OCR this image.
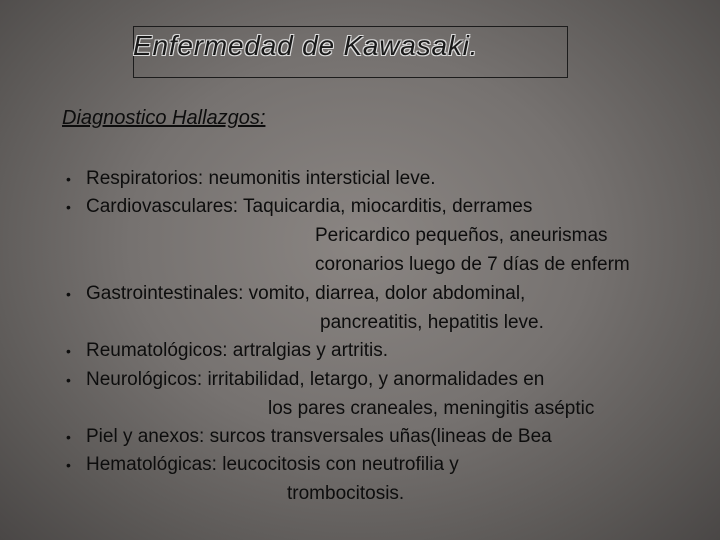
Enfermedad de Kawasaki.
Diagnostico Hallazgos:
• Respiratorios: neumonitis intersticial leve.
• Cardiovasculares: Taquicardia, miocarditis, derrames
Pericardico pequeños, aneurismas
coronarios luego de 7 días de enferm
• Gastrointestinales: vomito, diarrea, dolor abdominal,
pancreatitis, hepatitis leve.
• Reumatológicos: artralgias y artritis.
• Neurológicos: irritabilidad, letargo, y anormalidades en
los pares craneales, meningitis aséptic
• Piel y anexos: surcos transversales uñas(lineas de Bea
• Hematológicas: leucocitosis con neutrofilia y
trombocitosis.
